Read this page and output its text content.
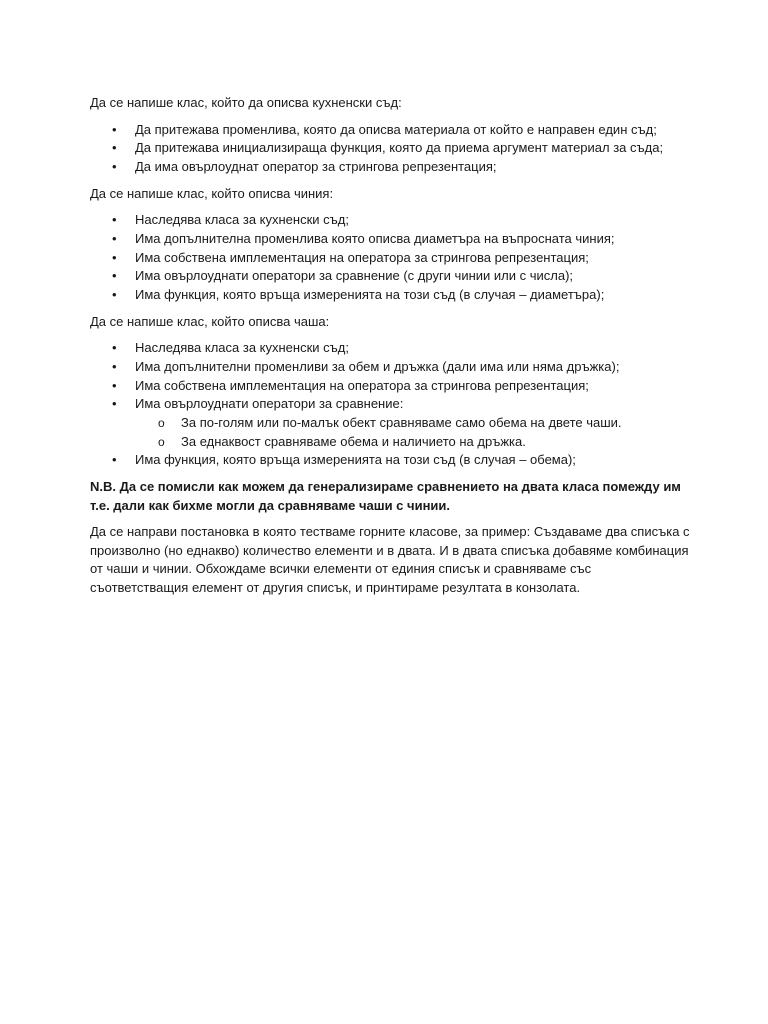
Да се напише клас, който да описва кухненски съд:

• Да притежава променлива, която да описва материала от който е направен един съд;
• Да притежава инициализираща функция, която да приема аргумент материал за съда;
• Да има овърлоуднат оператор за стрингова репрезентация;

Да се напише клас, който описва чиния:

• Наследява класа за кухненски съд;
• Има допълнителна променлива която описва диаметъра на въпросната чиния;
• Има собствена имплементация на оператора за стрингова репрезентация;
• Има овърлоуднати оператори за сравнение (с други чинии или с числа);
• Има функция, която връща измеренията на този съд (в случая – диаметъра);

Да се напише клас, който описва чаша:

• Наследява класа за кухненски съд;
• Има допълнителни променливи за обем и дръжка (дали има или няма дръжка);
• Има собствена имплементация на оператора за стрингова репрезентация;
• Има овърлоуднати оператори за сравнение:
o За по-голям или по-малък обект сравняваме само обема на двете чаши.
o За еднаквост сравняваме обема и наличието на дръжка.
• Има функция, която връща измеренията на този съд (в случая – обема);

N.B. Да се помисли как можем да генерализираме сравнението на двата класа помежду им т.е. дали как бихме могли да сравняваме чаши с чинии.

Да се направи постановка в която тестваме горните класове, за пример: Създаваме два списъка с произволно (но еднакво) количество елементи и в двата. И в двата списъка добавяме комбинация от чаши и чинии. Обхождаме всички елементи от единия списък и сравняваме със съответстващия елемент от другия списък, и принтираме резултата в конзолата.
